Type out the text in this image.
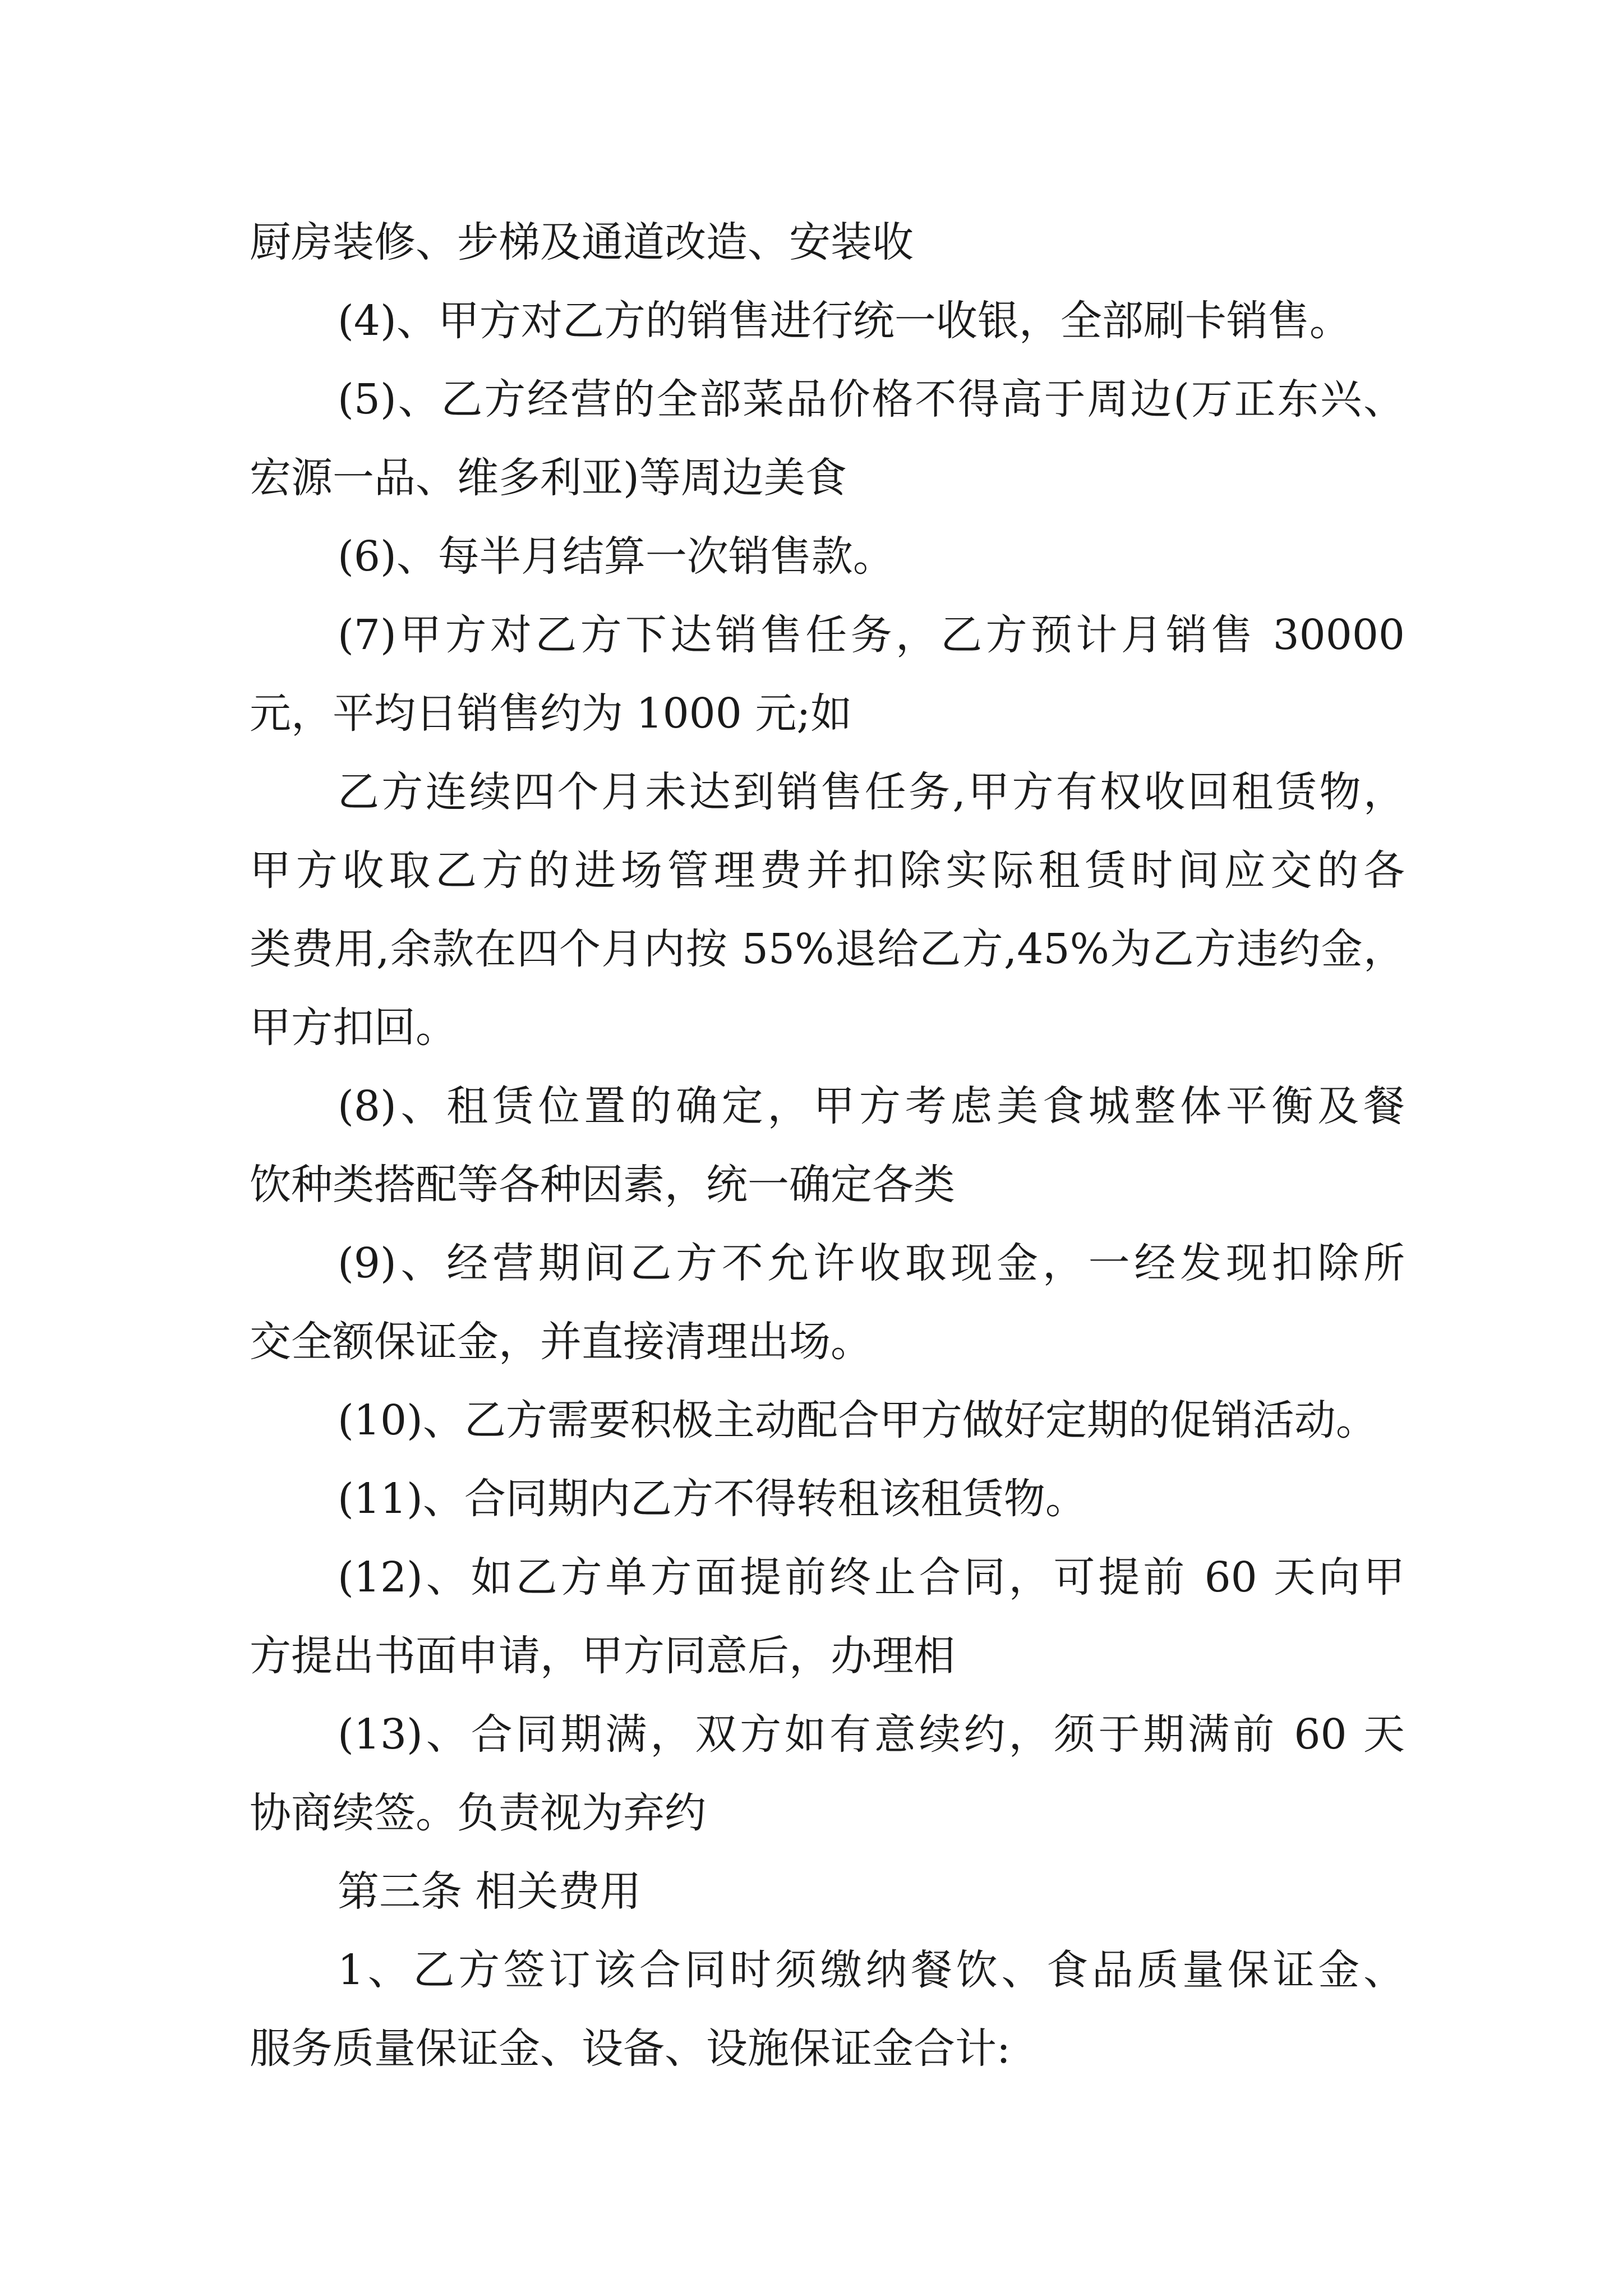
厨房装修、步梯及通道改造、安装收
(4)、甲方对乙方的销售进行统一收银，全部刷卡销售。
(5)、乙方经营的全部菜品价格不得高于周边(万正东兴、
宏源一品、维多利亚)等周边美食
(6)、每半月结算一次销售款。
(7)甲方对乙方下达销售任务，乙方预计月销售 30000
元，平均日销售约为 1000 元;如
乙方连续四个月未达到销售任务,甲方有权收回租赁物，
甲方收取乙方的进场管理费并扣除实际租赁时间应交的各
类费用,余款在四个月内按 55%退给乙方,45%为乙方违约金，
甲方扣回。
(8)、租赁位置的确定，甲方考虑美食城整体平衡及餐
饮种类搭配等各种因素，统一确定各类
(9)、经营期间乙方不允许收取现金，一经发现扣除所
交全额保证金，并直接清理出场。
(10)、乙方需要积极主动配合甲方做好定期的促销活动。
(11)、合同期内乙方不得转租该租赁物。
(12)、如乙方单方面提前终止合同，可提前 60 天向甲
方提出书面申请，甲方同意后，办理相
(13)、合同期满，双方如有意续约，须于期满前 60 天
协商续签。负责视为弃约
第三条 相关费用
1、乙方签订该合同时须缴纳餐饮、食品质量保证金、
服务质量保证金、设备、设施保证金合计:
